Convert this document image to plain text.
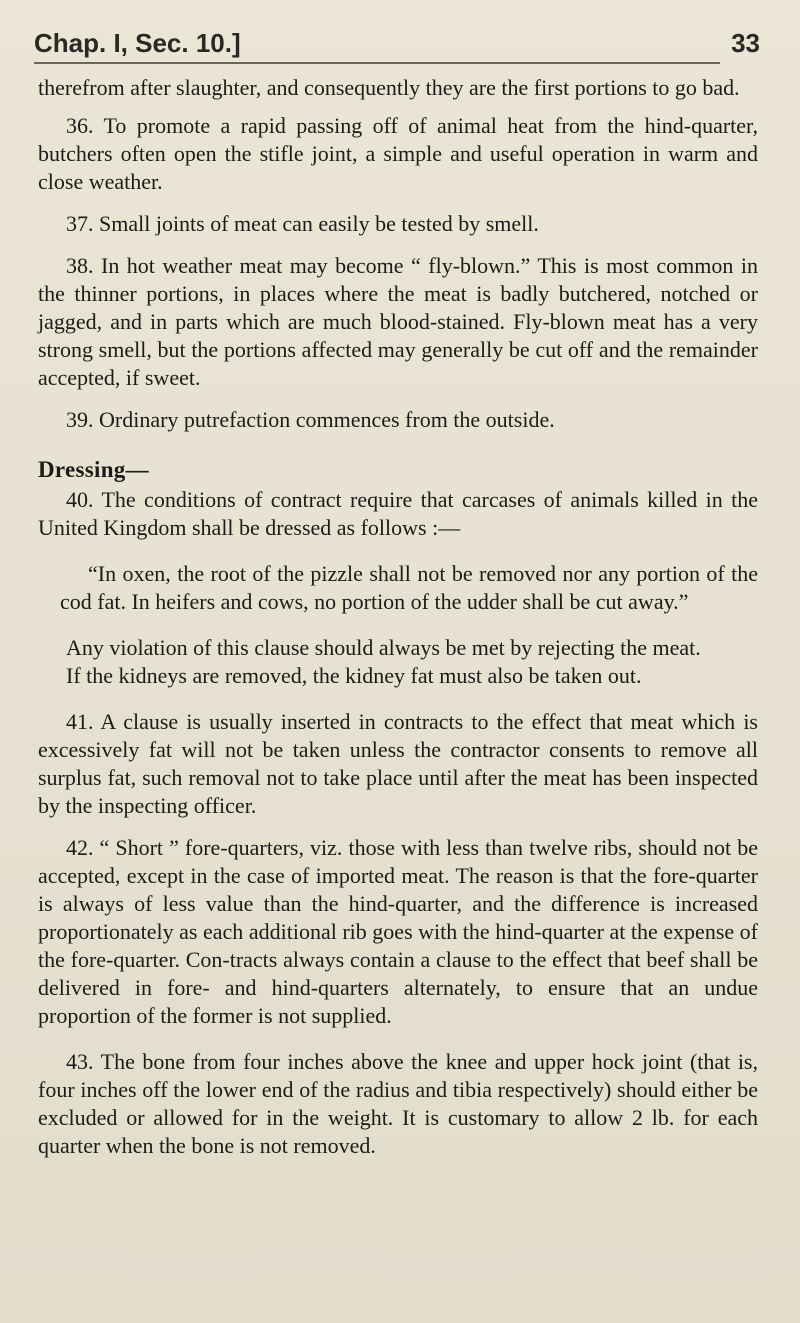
Chap. I, Sec. 10.]	33

therefrom after slaughter, and consequently they are the first portions to go bad.

36. To promote a rapid passing off of animal heat from the hind-quarter, butchers often open the stifle joint, a simple and useful operation in warm and close weather.

37. Small joints of meat can easily be tested by smell.

38. In hot weather meat may become “ fly-blown.” This is most common in the thinner portions, in places where the meat is badly butchered, notched or jagged, and in parts which are much blood-stained. Fly-blown meat has a very strong smell, but the portions affected may generally be cut off and the remainder accepted, if sweet.

39. Ordinary putrefaction commences from the outside.

Dressing—

40. The conditions of contract require that carcases of animals killed in the United Kingdom shall be dressed as follows :—

“In oxen, the root of the pizzle shall not be removed nor any portion of the cod fat. In heifers and cows, no portion of the udder shall be cut away.”

Any violation of this clause should always be met by rejecting the meat.

If the kidneys are removed, the kidney fat must also be taken out.

41. A clause is usually inserted in contracts to the effect that meat which is excessively fat will not be taken unless the contractor consents to remove all surplus fat, such removal not to take place until after the meat has been inspected by the inspecting officer.

42. “ Short ” fore-quarters, viz. those with less than twelve ribs, should not be accepted, except in the case of imported meat. The reason is that the fore-quarter is always of less value than the hind-quarter, and the difference is increased proportionately as each additional rib goes with the hind-quarter at the expense of the fore-quarter. Con-tracts always contain a clause to the effect that beef shall be delivered in fore- and hind-quarters alternately, to ensure that an undue proportion of the former is not supplied.

43. The bone from four inches above the knee and upper hock joint (that is, four inches off the lower end of the radius and tibia respectively) should either be excluded or allowed for in the weight. It is customary to allow 2 lb. for each quarter when the bone is not removed.
